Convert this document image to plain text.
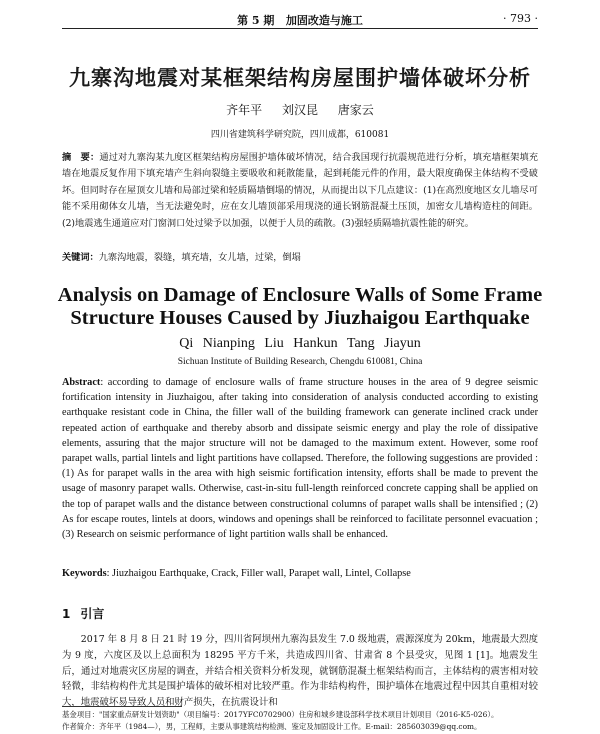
第 5 期 加固改造与施工	· 793 ·
九寨沟地震对某框架结构房屋围护墙体破坏分析
齐年平 刘汉昆 唐家云
四川省建筑科学研究院，四川成都，610081
摘　要：通过对九寨沟某九度区框架结构房屋围护墙体破坏情况，结合我国现行抗震规范进行分析，填充墙框架填充墙在地震反复作用下填充墙产生斜向裂缝主要吸收和耗散能量，起到耗能元件的作用，最大限度确保主体结构不受破坏。但同时存在屋顶女儿墙和局部过梁和轻质隔墙倒塌的情况，从而提出以下几点建议：(1)在高烈度地区女儿墙尽可能不采用砌体女儿墙，当无法避免时，应在女儿墙顶部采用现浇的通长钢筋混凝土压顶，加密女儿墙构造柱的间距。(2)地震逃生通道应对门窗洞口处过梁予以加强，以便于人员的疏散。(3)强轻质隔墙抗震性能的研究。
关键词：九寨沟地震，裂缝，填充墙，女儿墙，过梁，倒塌
Analysis on Damage of Enclosure Walls of Some Frame
Structure Houses Caused by Jiuzhaigou Earthquake
Qi Nianping Liu Hankun Tang Jiayun
Sichuan Institute of Building Research, Chengdu 610081, China
Abstract: according to damage of enclosure walls of frame structure houses in the area of 9 degree seismic fortification intensity in Jiuzhaigou, after taking into consideration of analysis conducted according to existing earthquake resistant code in China, the filler wall of the building framework can generate inclined crack under repeated action of earthquake and thereby absorb and dissipate seismic energy and play the role of dissipative elements, assuring that the major structure will not be damaged to the maximum extent. However, some roof parapet walls, partial lintels and light partitions have collapsed. Therefore, the following suggestions are provided : (1) As for parapet walls in the area with high seismic fortification intensity, efforts shall be made to prevent the usage of masonry parapet walls. Otherwise, cast-in-situ full-length reinforced concrete capping shall be applied on the top of parapet walls and the distance between constructional columns of parapet walls shall be intensified ; (2) As for escape routes, lintels at doors, windows and openings shall be reinforced to facilitate personnel evacuation ; (3) Research on seismic performance of light partition walls shall be enhanced.
Keywords: Jiuzhaigou Earthquake, Crack, Filler wall, Parapet wall, Lintel, Collapse
1 引言
2017 年 8 月 8 日 21 时 19 分，四川省阿坝州九寨沟县发生 7.0 级地震，震源深度为 20km，地震最大烈度为 9 度，六度区及以上总面积为 18295 平方千米，共造成四川省、甘肃省 8 个县受灾，见图 1 [1]。地震发生后，通过对地震灾区房屋的调查，并结合相关资料分析发现，就钢筋混凝土框架结构而言，主体结构的震害相对较轻微，非结构构件尤其是围护墙体的破坏相对比较严重。作为非结构构件，围护墙体在地震过程中因其自重相对较大，地震破坏易导致人员和财产损失，在抗震设计和
基金项目："国家重点研发计划资助"（项目编号：2017YFC0702900）住房和城乡建设部科学技术项目计划项目（2016-K5-026）。
作者简介：齐年平（1984—），男，工程师，主要从事建筑结构检测、鉴定及加固设计工作。E-mail：285603039@qq.com。
